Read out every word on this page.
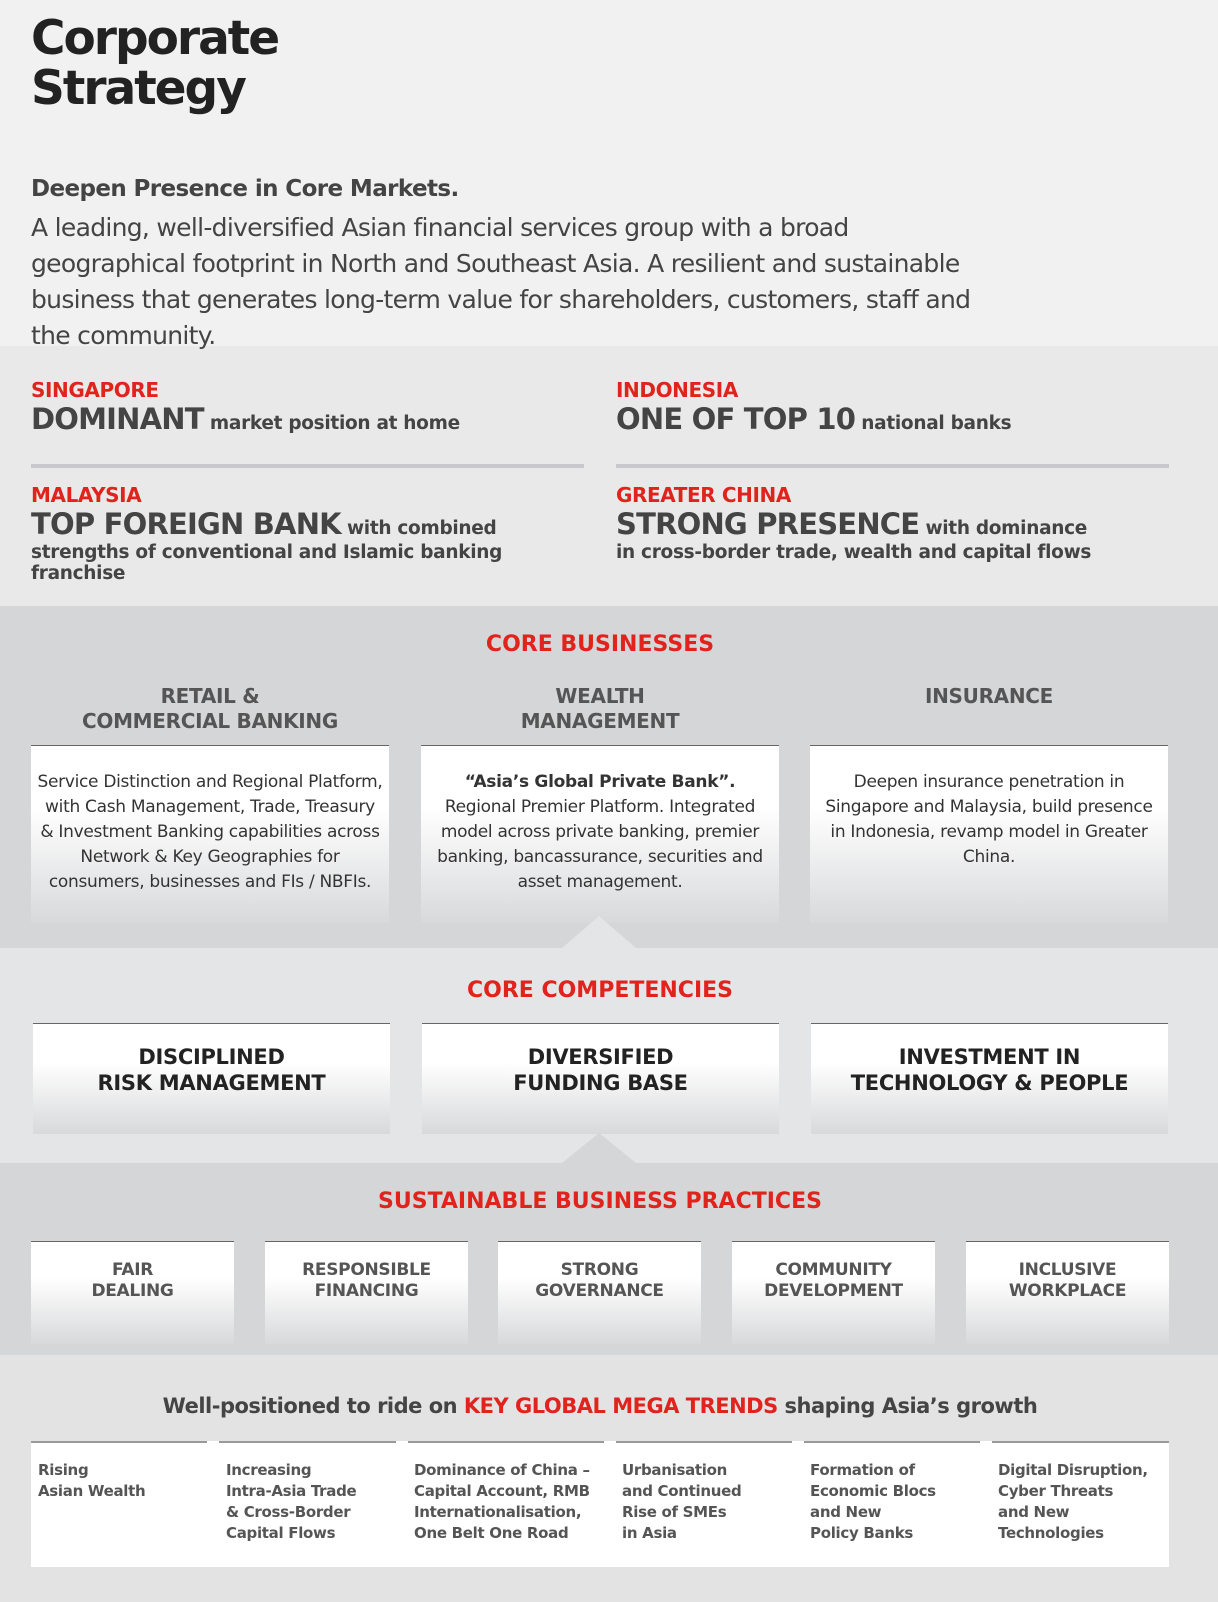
Corporate Strategy
Deepen Presence in Core Markets.
A leading, well-diversified Asian financial services group with a broad geographical footprint in North and Southeast Asia. A resilient and sustainable business that generates long-term value for shareholders, customers, staff and the community.
SINGAPORE
DOMINANT market position at home
INDONESIA
ONE OF TOP 10 national banks
MALAYSIA
TOP FOREIGN BANK with combined
strengths of conventional and Islamic banking franchise
GREATER CHINA
STRONG PRESENCE with dominance
in cross-border trade, wealth and capital flows
CORE BUSINESSES
RETAIL &
COMMERCIAL BANKING
WEALTH
MANAGEMENT
INSURANCE
Service Distinction and Regional Platform, with Cash Management, Trade, Treasury & Investment Banking capabilities across Network & Key Geographies for consumers, businesses and FIs / NBFIs.
“Asia’s Global Private Bank”.
Regional Premier Platform. Integrated model across private banking, premier banking, bancassurance, securities and asset management.
Deepen insurance penetration in Singapore and Malaysia, build presence in Indonesia, revamp model in Greater China.
CORE COMPETENCIES
DISCIPLINED
RISK MANAGEMENT
DIVERSIFIED
FUNDING BASE
INVESTMENT IN
TECHNOLOGY & PEOPLE
SUSTAINABLE BUSINESS PRACTICES
FAIR
DEALING
RESPONSIBLE
FINANCING
STRONG
GOVERNANCE
COMMUNITY
DEVELOPMENT
INCLUSIVE
WORKPLACE
Well-positioned to ride on KEY GLOBAL MEGA TRENDS shaping Asia’s growth
Rising
Asian Wealth
Increasing
Intra-Asia Trade
& Cross-Border
Capital Flows
Dominance of China –
Capital Account, RMB
Internationalisation,
One Belt One Road
Urbanisation
and Continued
Rise of SMEs
in Asia
Formation of
Economic Blocs
and New
Policy Banks
Digital Disruption,
Cyber Threats
and New
Technologies
